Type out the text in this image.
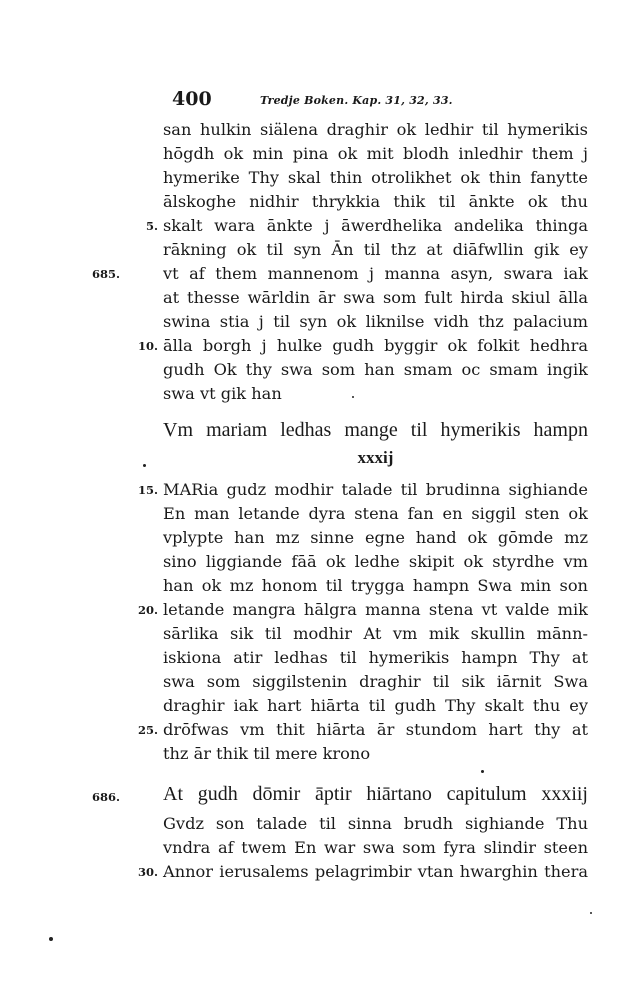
400	Tredje Boken. Kap. 31, 32, 33.
san hulkin siälena draghir ok ledhir til hymerikis
hōgdh ok min pina ok mit blodh inledhir them j
hymerike Thy skal thin otrolikhet ok thin fanytte
ālskoghe nidhir thrykkia thik til ānkte ok thu
5. skalt wara ānkte j āwerdhelika andelika thinga
rākning ok til syn Ān til thz at diāfwllin gik ey
685.	vt af them mannenom j manna asyn, swara iak
at thesse wārldin ār swa som fult hirda skiul ālla
swina stia j til syn ok liknilse vidh thz palacium
10. ālla borgh j hulke gudh byggir ok folkit hedhra
gudh Ok thy swa som han smam oc smam ingik
swa vt gik han
Vm mariam ledhas mange til hymerikis hampn
xxxij
15. MARia gudz modhir talade til brudinna sighiande
En man letande dyra stena fan en siggil sten ok
vplypte han mz sinne egne hand ok gōmde mz
sino liggiande fāā ok ledhe skipit ok styrdhe vm
han ok mz honom til trygga hampn Swa min son
20. letande mangra hālgra manna stena vt valde mik
sārlika sik til modhir At vm mik skullin mānn-
iskiona atir ledhas til hymerikis hampn Thy at
swa som siggilstenin draghir til sik iārnit Swa
draghir iak hart hiārta til gudh Thy skalt thu ey
25. drōfwas vm thit hiārta ār stundom hart thy at
thz ār thik til mere krono
686. At gudh dōmir āptir hiārtano capitulum xxxiij
Gvdz son talade til sinna brudh sighiande Thu
vndra af twem En war swa som fyra slindir steen
30. Annor ierusalems pelagrimbir vtan hwarghin thera
